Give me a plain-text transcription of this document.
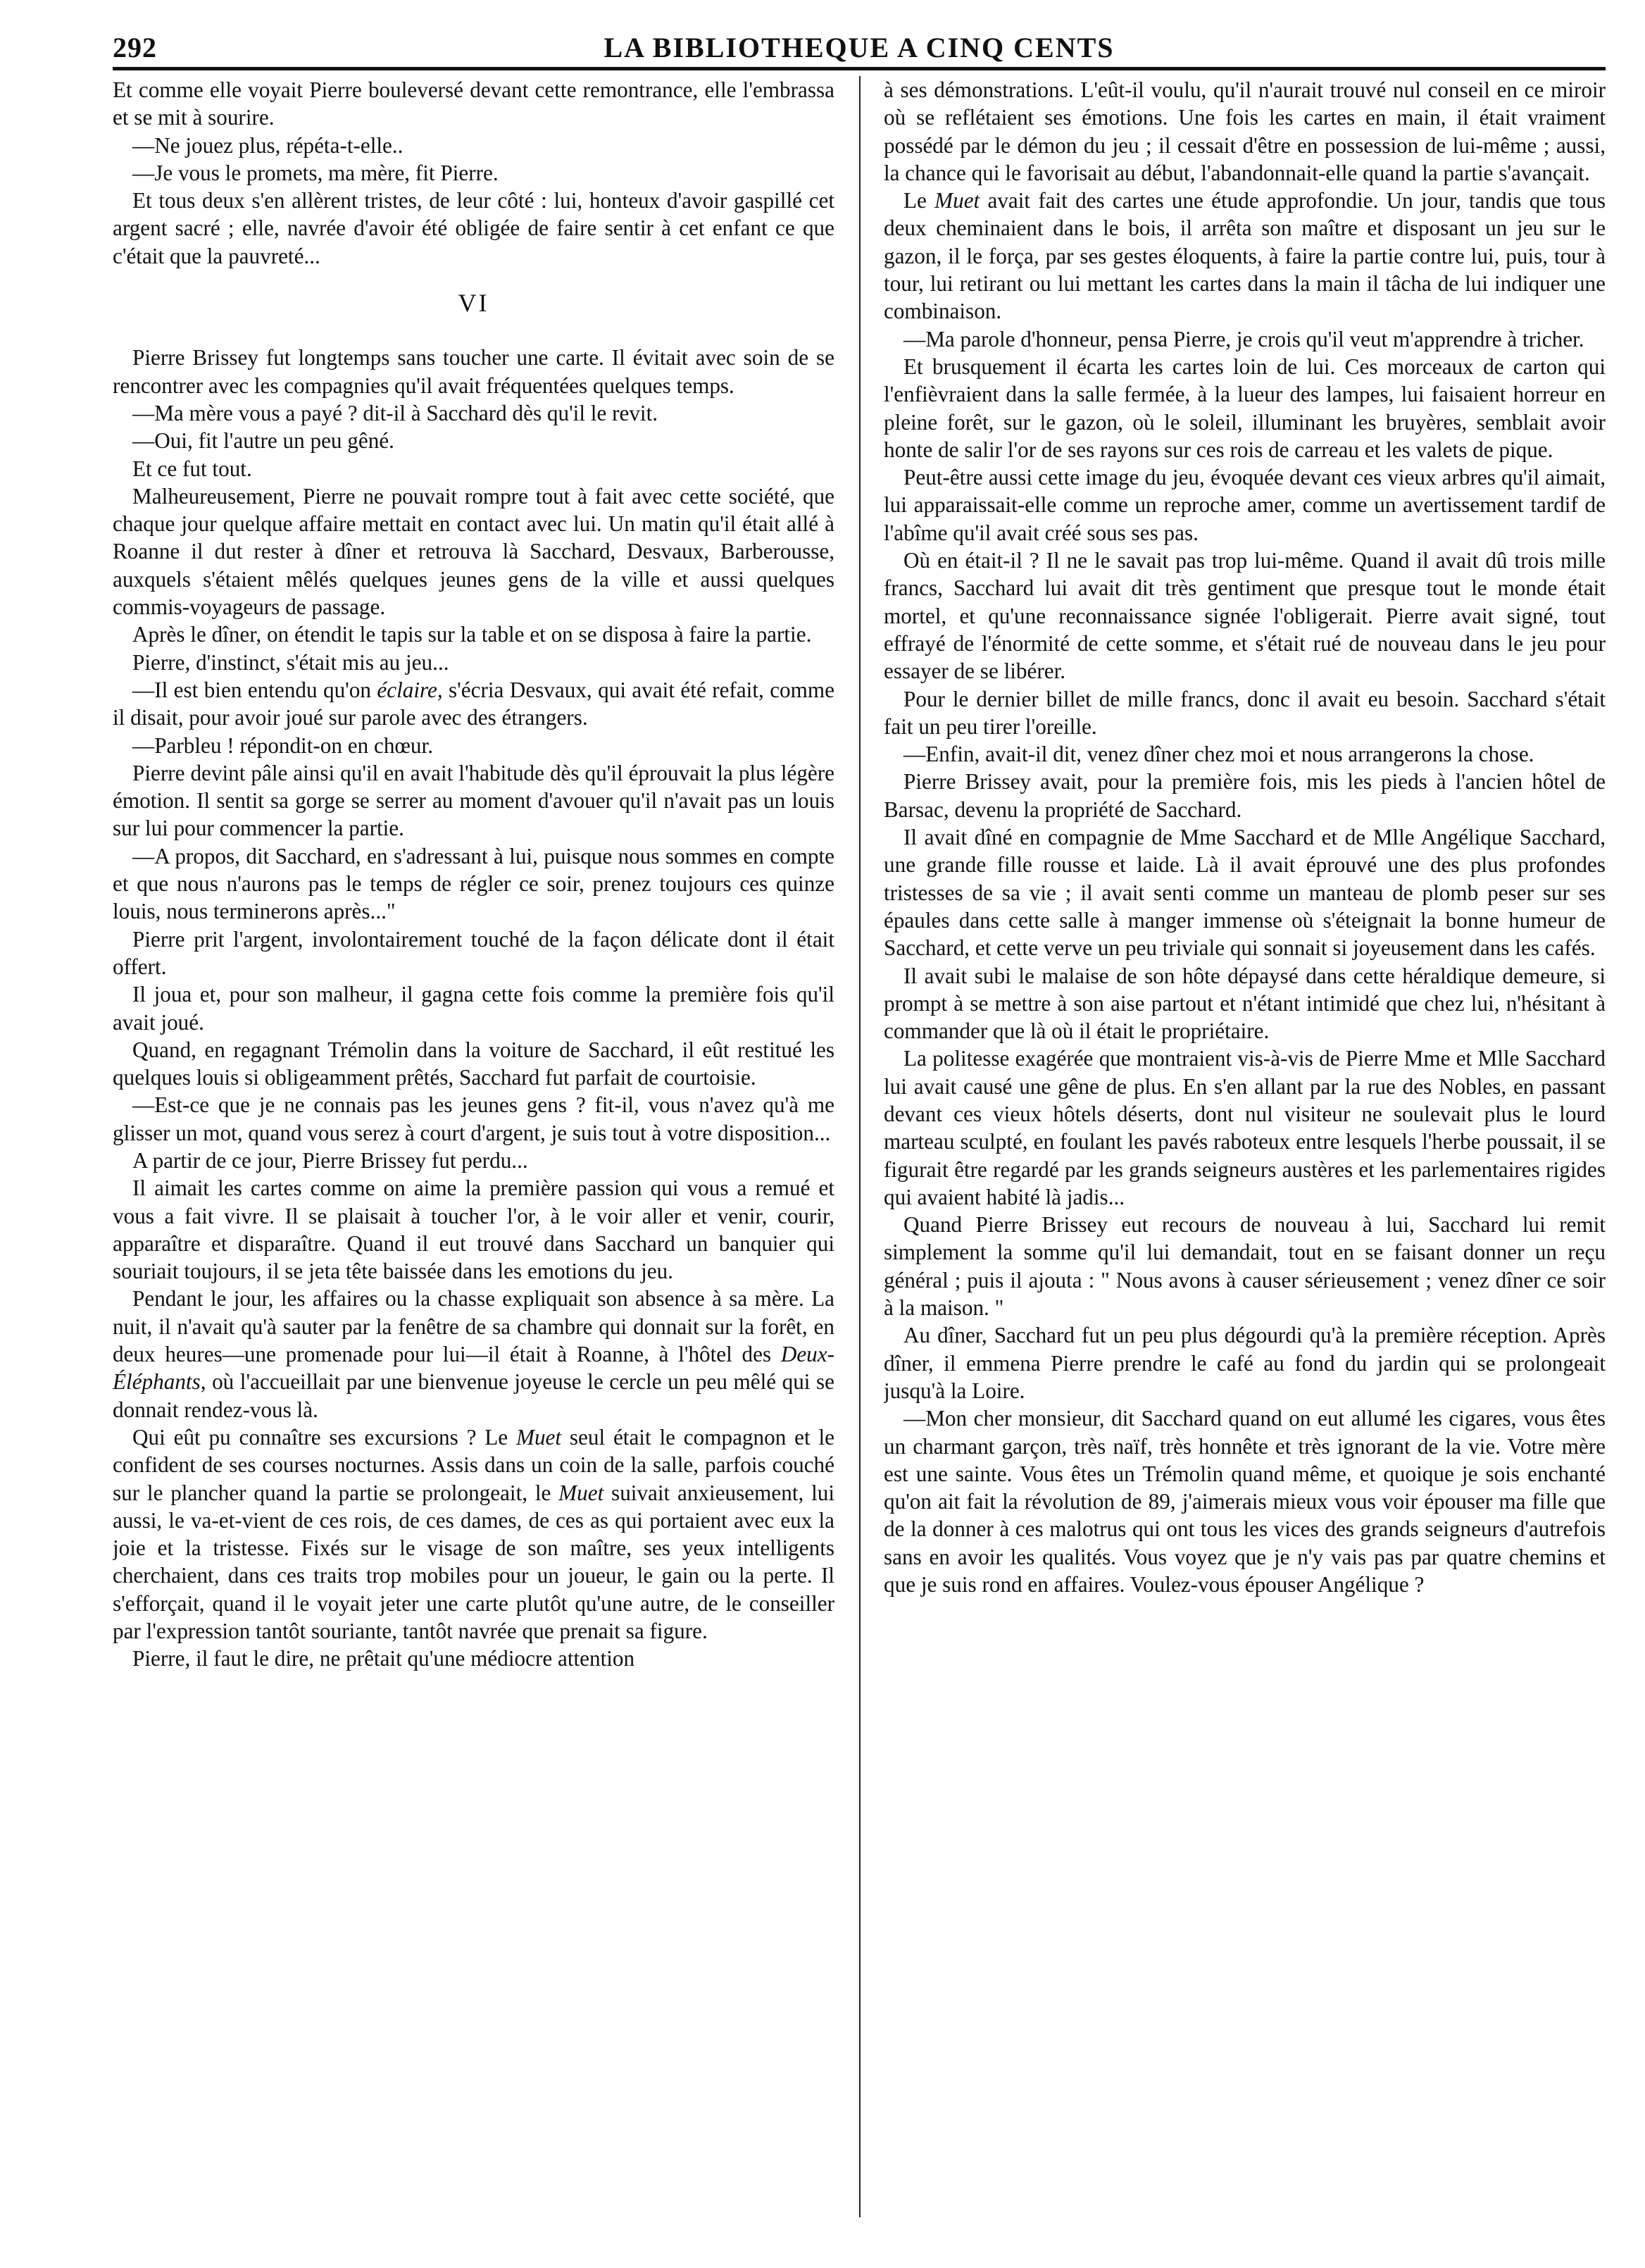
292	LA BIBLIOTHEQUE A CINQ CENTS

Et comme elle voyait Pierre bouleversé devant cette remontrance, elle l'embrassa et se mit à sourire.

—Ne jouez plus, répéta-t-elle..

—Je vous le promets, ma mère, fit Pierre.

Et tous deux s'en allèrent tristes, de leur côté : lui, honteux d'avoir gaspillé cet argent sacré ; elle, navrée d'avoir été obligée de faire sentir à cet enfant ce que c'était que la pauvreté...

VI

Pierre Brissey fut longtemps sans toucher une carte. Il évitait avec soin de se rencontrer avec les compagnies qu'il avait fréquentées quelques temps.

—Ma mère vous a payé ? dit-il à Sacchard dès qu'il le revit.

—Oui, fit l'autre un peu gêné.

Et ce fut tout.

Malheureusement, Pierre ne pouvait rompre tout à fait avec cette société, que chaque jour quelque affaire mettait en contact avec lui. Un matin qu'il était allé à Roanne il dut rester à dîner et retrouva là Sacchard, Desvaux, Barberousse, auxquels s'étaient mêlés quelques jeunes gens de la ville et aussi quelques commis-voyageurs de passage.

Après le dîner, on étendit le tapis sur la table et on se disposa à faire la partie.

Pierre, d'instinct, s'était mis au jeu...

—Il est bien entendu qu'on éclaire, s'écria Desvaux, qui avait été refait, comme il disait, pour avoir joué sur parole avec des étrangers.

—Parbleu ! répondit-on en chœur.

Pierre devint pâle ainsi qu'il en avait l'habitude dès qu'il éprouvait la plus légère émotion. Il sentit sa gorge se serrer au moment d'avouer qu'il n'avait pas un louis sur lui pour commencer la partie.

—A propos, dit Sacchard, en s'adressant à lui, puisque nous sommes en compte et que nous n'aurons pas le temps de régler ce soir, prenez toujours ces quinze louis, nous terminerons après..."

Pierre prit l'argent, involontairement touché de la façon délicate dont il était offert.

Il joua et, pour son malheur, il gagna cette fois comme la première fois qu'il avait joué.

Quand, en regagnant Trémolin dans la voiture de Sacchard, il eût restitué les quelques louis si obligeamment prêtés, Sacchard fut parfait de courtoisie.

—Est-ce que je ne connais pas les jeunes gens ? fit-il, vous n'avez qu'à me glisser un mot, quand vous serez à court d'argent, je suis tout à votre disposition...

A partir de ce jour, Pierre Brissey fut perdu...

Il aimait les cartes comme on aime la première passion qui vous a remué et vous a fait vivre. Il se plaisait à toucher l'or, à le voir aller et venir, courir, apparaître et disparaître. Quand il eut trouvé dans Sacchard un banquier qui souriait toujours, il se jeta tête baissée dans les emotions du jeu.

Pendant le jour, les affaires ou la chasse expliquait son absence à sa mère. La nuit, il n'avait qu'à sauter par la fenêtre de sa chambre qui donnait sur la forêt, en deux heures—une promenade pour lui—il était à Roanne, à l'hôtel des Deux-Éléphants, où l'accueillait par une bienvenue joyeuse le cercle un peu mêlé qui se donnait rendez-vous là.

Qui eût pu connaître ses excursions ? Le Muet seul était le compagnon et le confident de ses courses nocturnes. Assis dans un coin de la salle, parfois couché sur le plancher quand la partie se prolongeait, le Muet suivait anxieusement, lui aussi, le va-et-vient de ces rois, de ces dames, de ces as qui portaient avec eux la joie et la tristesse. Fixés sur le visage de son maître, ses yeux intelligents cherchaient, dans ces traits trop mobiles pour un joueur, le gain ou la perte. Il s'efforçait, quand il le voyait jeter une carte plutôt qu'une autre, de le conseiller par l'expression tantôt souriante, tantôt navrée que prenait sa figure.

Pierre, il faut le dire, ne prêtait qu'une médiocre attention

à ses démonstrations. L'eût-il voulu, qu'il n'aurait trouvé nul conseil en ce miroir où se reflétaient ses émotions. Une fois les cartes en main, il était vraiment possédé par le démon du jeu ; il cessait d'être en possession de lui-même ; aussi, la chance qui le favorisait au début, l'abandonnait-elle quand la partie s'avançait.

Le Muet avait fait des cartes une étude approfondie. Un jour, tandis que tous deux cheminaient dans le bois, il arrêta son maître et disposant un jeu sur le gazon, il le força, par ses gestes éloquents, à faire la partie contre lui, puis, tour à tour, lui retirant ou lui mettant les cartes dans la main il tâcha de lui indiquer une combinaison.

—Ma parole d'honneur, pensa Pierre, je crois qu'il veut m'apprendre à tricher.

Et brusquement il écarta les cartes loin de lui. Ces morceaux de carton qui l'enfièvraient dans la salle fermée, à la lueur des lampes, lui faisaient horreur en pleine forêt, sur le gazon, où le soleil, illuminant les bruyères, semblait avoir honte de salir l'or de ses rayons sur ces rois de carreau et les valets de pique.

Peut-être aussi cette image du jeu, évoquée devant ces vieux arbres qu'il aimait, lui apparaissait-elle comme un reproche amer, comme un avertissement tardif de l'abîme qu'il avait créé sous ses pas.

Où en était-il ? Il ne le savait pas trop lui-même. Quand il avait dû trois mille francs, Sacchard lui avait dit très gentiment que presque tout le monde était mortel, et qu'une reconnaissance signée l'obligerait. Pierre avait signé, tout effrayé de l'énormité de cette somme, et s'était rué de nouveau dans le jeu pour essayer de se libérer.

Pour le dernier billet de mille francs, donc il avait eu besoin. Sacchard s'était fait un peu tirer l'oreille.

—Enfin, avait-il dit, venez dîner chez moi et nous arrangerons la chose.

Pierre Brissey avait, pour la première fois, mis les pieds à l'ancien hôtel de Barsac, devenu la propriété de Sacchard.

Il avait dîné en compagnie de Mme Sacchard et de Mlle Angélique Sacchard, une grande fille rousse et laide. Là il avait éprouvé une des plus profondes tristesses de sa vie ; il avait senti comme un manteau de plomb peser sur ses épaules dans cette salle à manger immense où s'éteignait la bonne humeur de Sacchard, et cette verve un peu triviale qui sonnait si joyeusement dans les cafés.

Il avait subi le malaise de son hôte dépaysé dans cette héraldique demeure, si prompt à se mettre à son aise partout et n'étant intimidé que chez lui, n'hésitant à commander que là où il était le propriétaire.

La politesse exagérée que montraient vis-à-vis de Pierre Mme et Mlle Sacchard lui avait causé une gêne de plus. En s'en allant par la rue des Nobles, en passant devant ces vieux hôtels déserts, dont nul visiteur ne soulevait plus le lourd marteau sculpté, en foulant les pavés raboteux entre lesquels l'herbe poussait, il se figurait être regardé par les grands seigneurs austères et les parlementaires rigides qui avaient habité là jadis...

Quand Pierre Brissey eut recours de nouveau à lui, Sacchard lui remit simplement la somme qu'il lui demandait, tout en se faisant donner un reçu général ; puis il ajouta : " Nous avons à causer sérieusement ; venez dîner ce soir à la maison. "

Au dîner, Sacchard fut un peu plus dégourdi qu'à la première réception. Après dîner, il emmena Pierre prendre le café au fond du jardin qui se prolongeait jusqu'à la Loire.

—Mon cher monsieur, dit Sacchard quand on eut allumé les cigares, vous êtes un charmant garçon, très naïf, très honnête et très ignorant de la vie. Votre mère est une sainte. Vous êtes un Trémolin quand même, et quoique je sois enchanté qu'on ait fait la révolution de 89, j'aimerais mieux vous voir épouser ma fille que de la donner à ces malotrus qui ont tous les vices des grands seigneurs d'autrefois sans en avoir les qualités. Vous voyez que je n'y vais pas par quatre chemins et que je suis rond en affaires. Voulez-vous épouser Angélique ?
